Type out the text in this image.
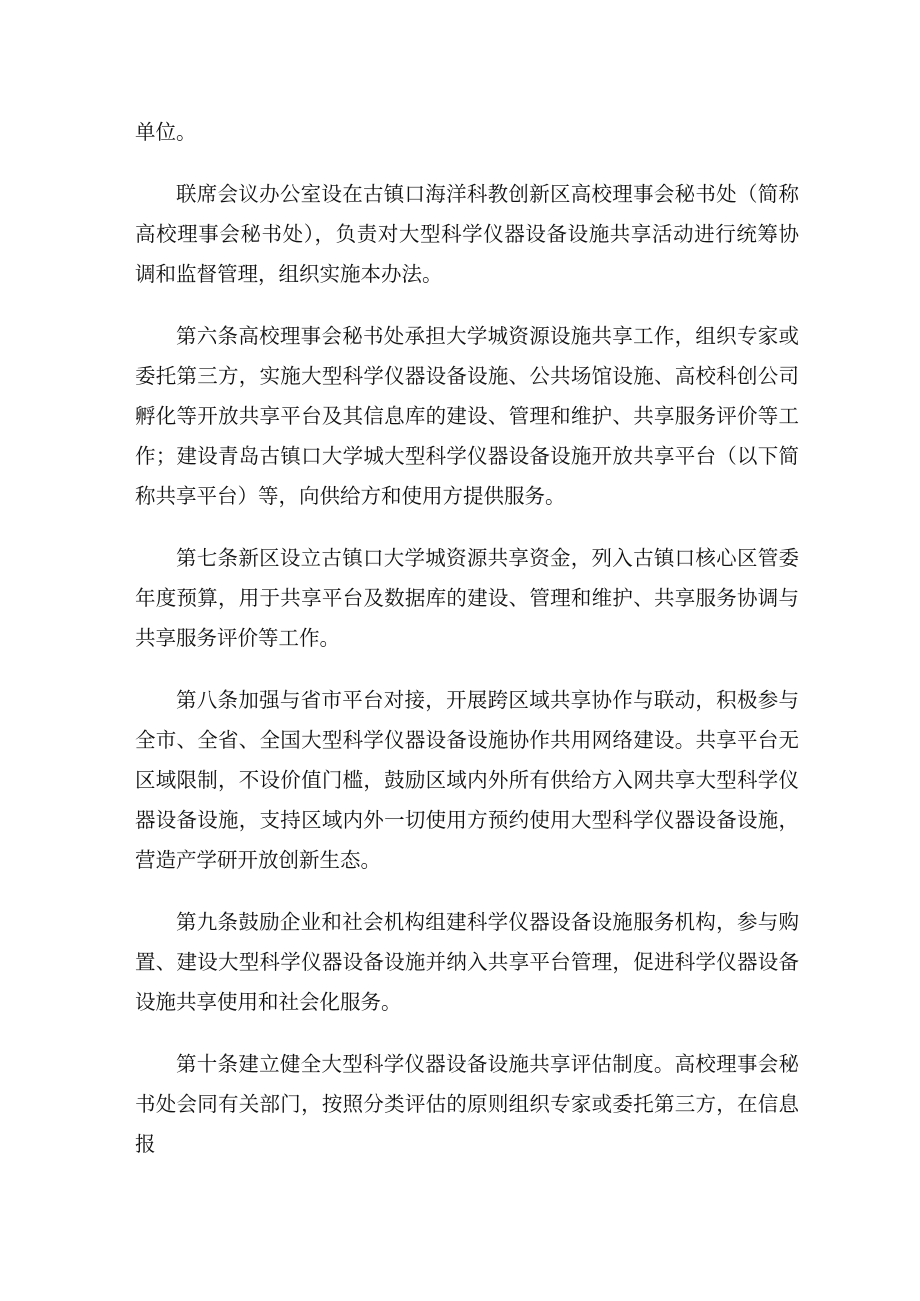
单位。

联席会议办公室设在古镇口海洋科教创新区高校理事会秘书处（简称高校理事会秘书处），负责对大型科学仪器设备设施共享活动进行统筹协调和监督管理，组织实施本办法。

第六条高校理事会秘书处承担大学城资源设施共享工作，组织专家或委托第三方，实施大型科学仪器设备设施、公共场馆设施、高校科创公司孵化等开放共享平台及其信息库的建设、管理和维护、共享服务评价等工作；建设青岛古镇口大学城大型科学仪器设备设施开放共享平台（以下简称共享平台）等，向供给方和使用方提供服务。

第七条新区设立古镇口大学城资源共享资金，列入古镇口核心区管委年度预算，用于共享平台及数据库的建设、管理和维护、共享服务协调与共享服务评价等工作。

第八条加强与省市平台对接，开展跨区域共享协作与联动，积极参与全市、全省、全国大型科学仪器设备设施协作共用网络建设。共享平台无区域限制，不设价值门槛，鼓励区域内外所有供给方入网共享大型科学仪器设备设施，支持区域内外一切使用方预约使用大型科学仪器设备设施，营造产学研开放创新生态。

第九条鼓励企业和社会机构组建科学仪器设备设施服务机构，参与购置、建设大型科学仪器设备设施并纳入共享平台管理，促进科学仪器设备设施共享使用和社会化服务。

第十条建立健全大型科学仪器设备设施共享评估制度。高校理事会秘书处会同有关部门，按照分类评估的原则组织专家或委托第三方，在信息报
